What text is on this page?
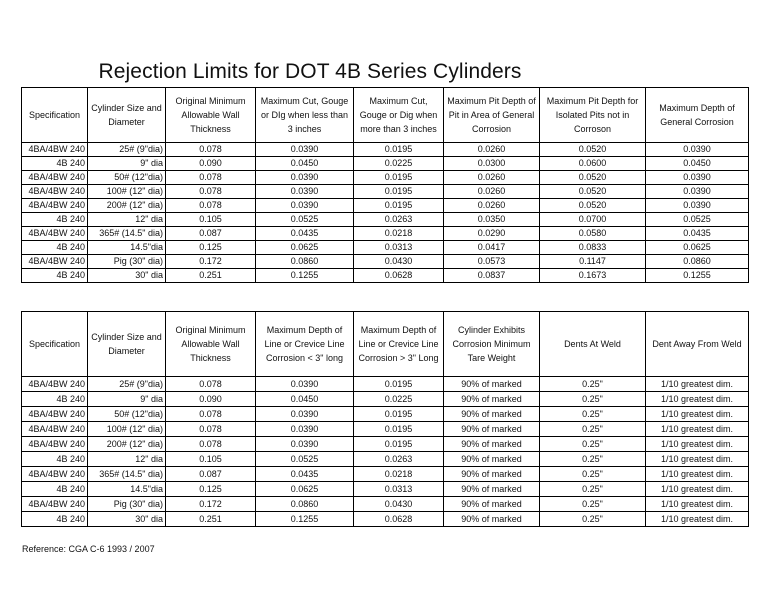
Rejection Limits for DOT 4B Series Cylinders
Specification	Cylinder Size and Diameter	Original Minimum Allowable Wall Thickness	Maximum Cut, Gouge or DIg when less than 3 inches	Maximum Cut, Gouge or Dig when more than 3 inches	Maximum Pit Depth of Pit in Area of General Corrosion	Maximum Pit Depth for Isolated Pits not in Corroson	Maximum Depth of General Corrosion
4BA/4BW 240	25# (9"dia)	0.078	0.0390	0.0195	0.0260	0.0520	0.0390
4B 240	9" dia	0.090	0.0450	0.0225	0.0300	0.0600	0.0450
4BA/4BW 240	50# (12"dia)	0.078	0.0390	0.0195	0.0260	0.0520	0.0390
4BA/4BW 240	100# (12" dia)	0.078	0.0390	0.0195	0.0260	0.0520	0.0390
4BA/4BW 240	200# (12" dia)	0.078	0.0390	0.0195	0.0260	0.0520	0.0390
4B 240	12" dia	0.105	0.0525	0.0263	0.0350	0.0700	0.0525
4BA/4BW 240	365# (14.5" dia)	0.087	0.0435	0.0218	0.0290	0.0580	0.0435
4B 240	14.5"dia	0.125	0.0625	0.0313	0.0417	0.0833	0.0625
4BA/4BW 240	Pig (30" dia)	0.172	0.0860	0.0430	0.0573	0.1147	0.0860
4B 240	30" dia	0.251	0.1255	0.0628	0.0837	0.1673	0.1255
Specification	Cylinder Size and Diameter	Original Minimum Allowable Wall Thickness	Maximum Depth of Line or Crevice Line Corrosion < 3" long	Maximum Depth of Line or Crevice Line Corrosion > 3" Long	Cylinder Exhibits Corrosion Minimum Tare Weight	Dents At Weld	Dent Away From Weld
4BA/4BW 240	25# (9"dia)	0.078	0.0390	0.0195	90% of marked	0.25"	1/10 greatest dim.
4B 240	9" dia	0.090	0.0450	0.0225	90% of marked	0.25"	1/10 greatest dim.
4BA/4BW 240	50# (12"dia)	0.078	0.0390	0.0195	90% of marked	0.25"	1/10 greatest dim.
4BA/4BW 240	100# (12" dia)	0.078	0.0390	0.0195	90% of marked	0.25"	1/10 greatest dim.
4BA/4BW 240	200# (12" dia)	0.078	0.0390	0.0195	90% of marked	0.25"	1/10 greatest dim.
4B 240	12" dia	0.105	0.0525	0.0263	90% of marked	0.25"	1/10 greatest dim.
4BA/4BW 240	365# (14.5" dia)	0.087	0.0435	0.0218	90% of marked	0.25"	1/10 greatest dim.
4B 240	14.5"dia	0.125	0.0625	0.0313	90% of marked	0.25"	1/10 greatest dim.
4BA/4BW 240	Pig (30" dia)	0.172	0.0860	0.0430	90% of marked	0.25"	1/10 greatest dim.
4B 240	30" dia	0.251	0.1255	0.0628	90% of marked	0.25"	1/10 greatest dim.
Reference: CGA C-6 1993 / 2007
